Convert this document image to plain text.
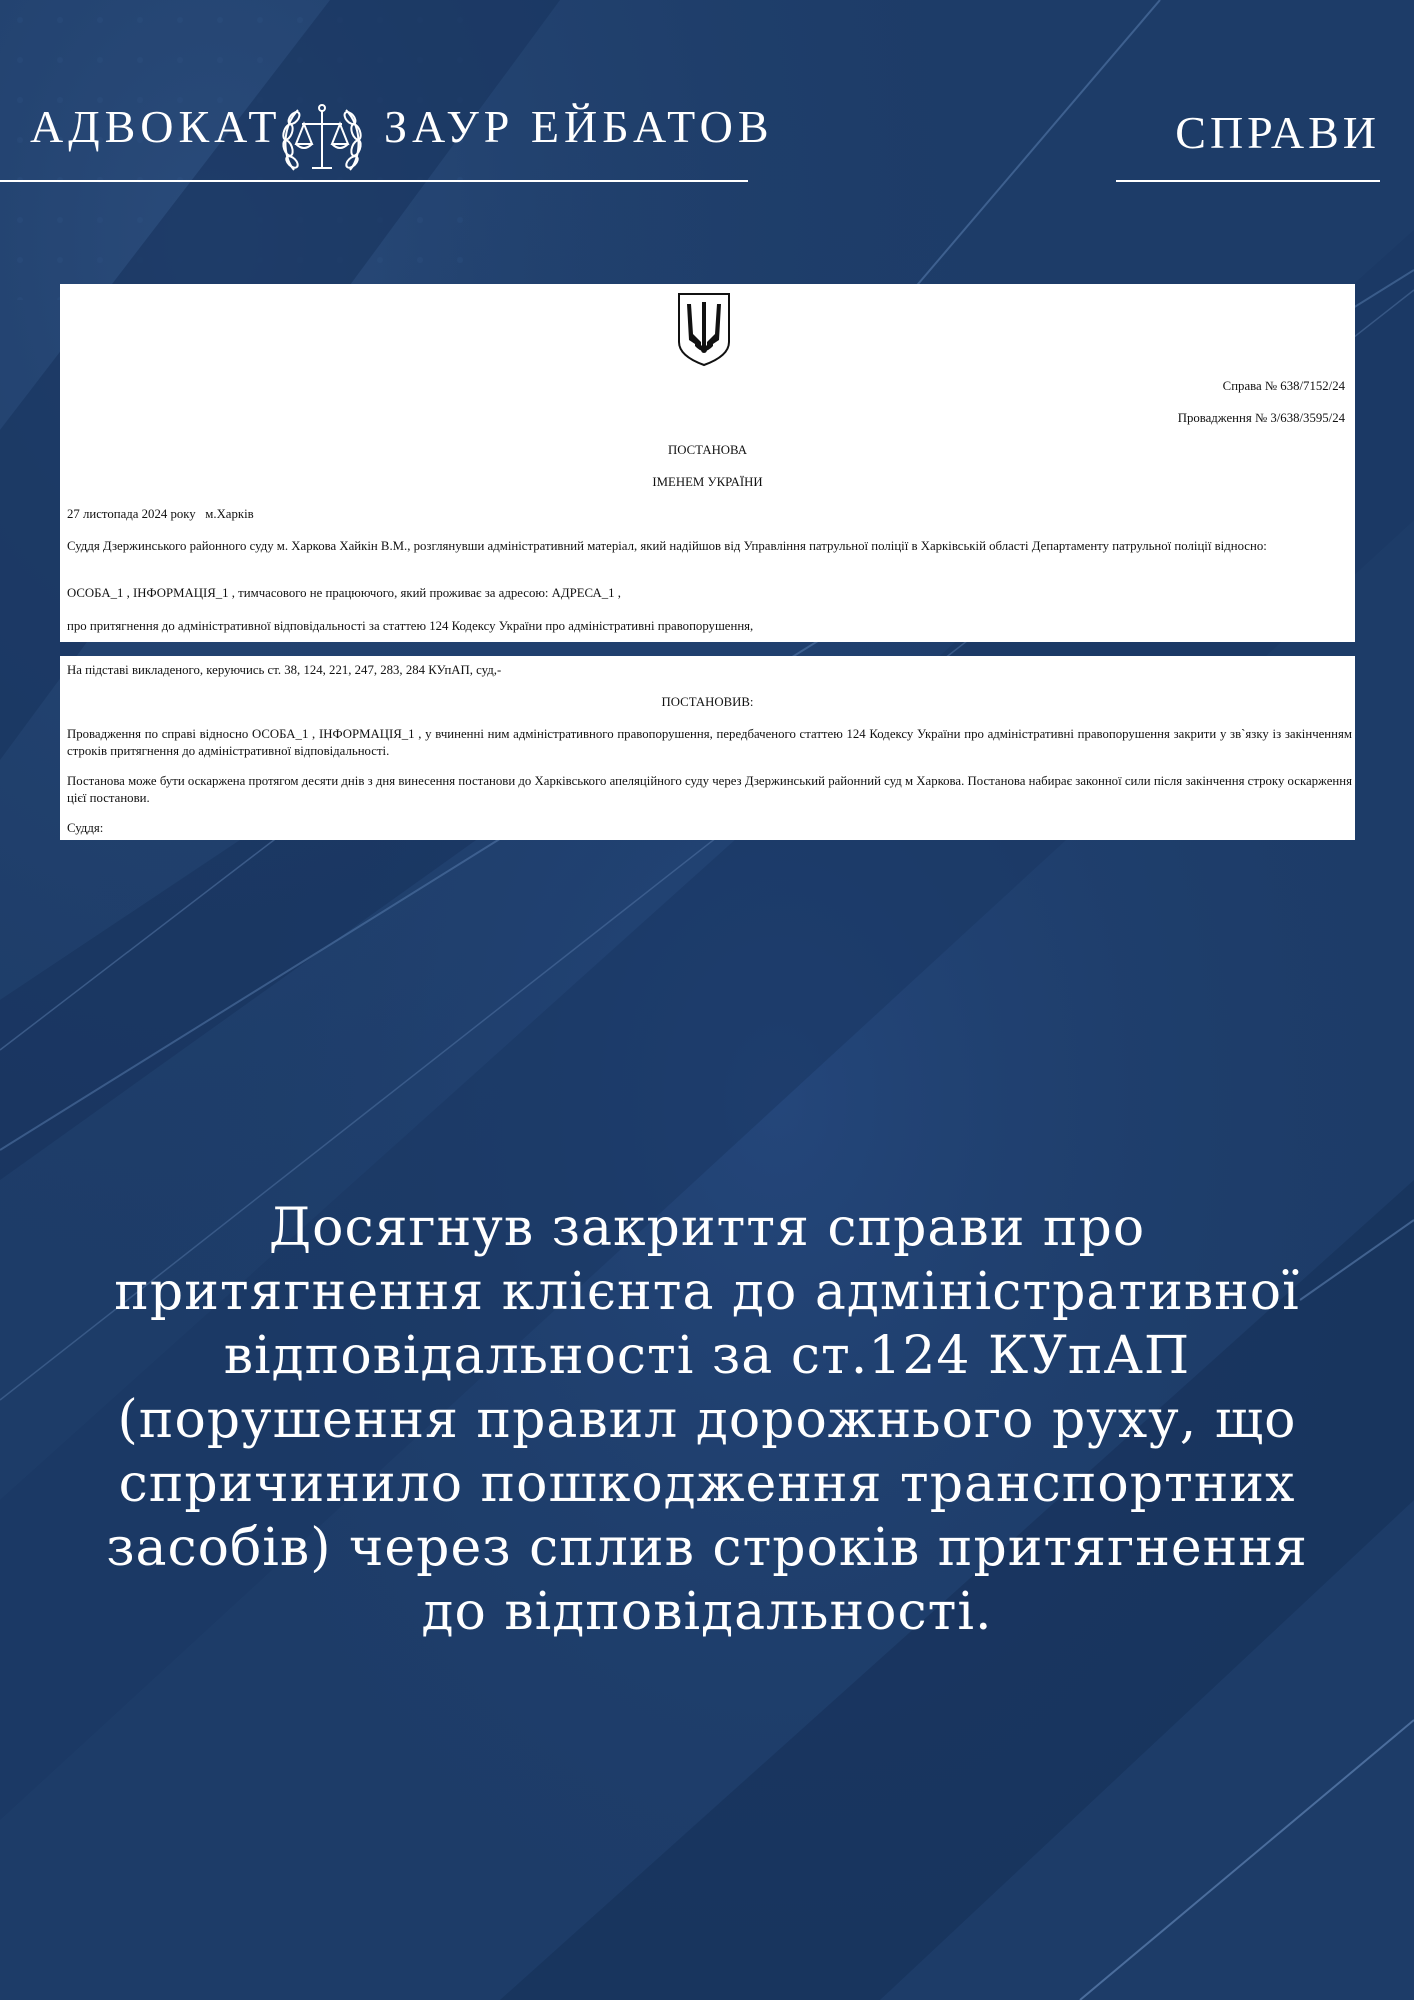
АДВОКАТ ЗАУР ЕЙБАТОВ	СПРАВИ
Справа № 638/7152/24
Провадження № 3/638/3595/24
ПОСТАНОВА
ІМЕНЕМ УКРАЇНИ
27 листопада 2024 року   м.Харків
Суддя Дзержинського районного суду м. Харкова Хайкін В.М., розглянувши адміністративний матеріал, який надійшов від Управління патрульної поліції в Харківській області Департаменту патрульної поліції відносно:
ОСОБА_1 , ІНФОРМАЦІЯ_1 , тимчасового не працюючого, який проживає за адресою: АДРЕСА_1 ,
про притягнення до адміністративної відповідальності за статтею 124 Кодексу України про адміністративні правопорушення,
На підставі викладеного, керуючись ст. 38, 124, 221, 247, 283, 284 КУпАП, суд,-
ПОСТАНОВИВ:
Провадження по справі відносно ОСОБА_1 , ІНФОРМАЦІЯ_1 , у вчиненні ним адміністративного правопорушення, передбаченого статтею 124 Кодексу України про адміністративні правопорушення закрити у зв`язку із закінченням строків притягнення до адміністративної відповідальності.
Постанова може бути оскаржена протягом десяти днів з дня винесення постанови до Харківського апеляційного суду через Дзержинський районний суд м Харкова. Постанова набирає законної сили після закінчення строку оскарження цієї постанови.
Суддя:
Досягнув закриття справи про притягнення клієнта до адміністративної відповідальності за ст.124 КУпАП (порушення правил дорожнього руху, що спричинило пошкодження транспортних засобів) через сплив строків притягнення до відповідальності.
